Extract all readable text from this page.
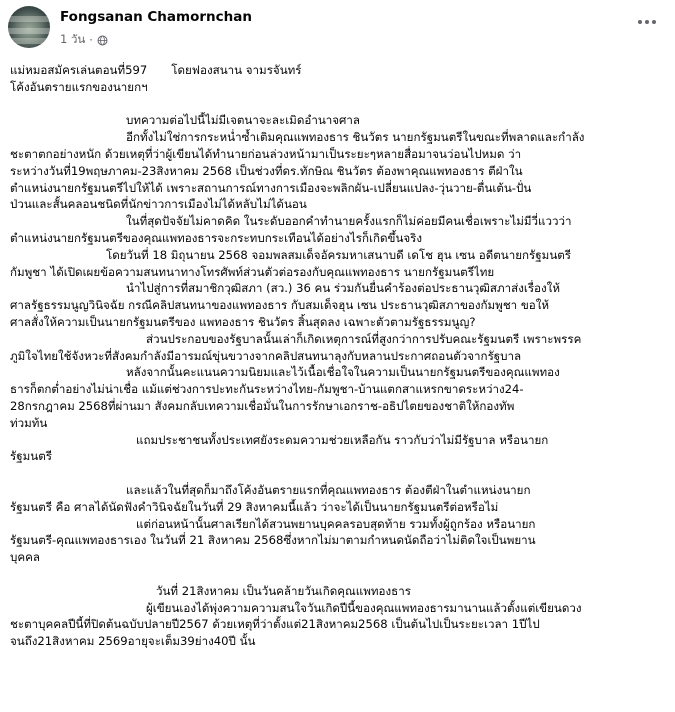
Fongsanan Chamornchan
1 วัน ·
แม่หมอสมัครเล่นตอนที่597 โดยฟองสนาน จามรจันทร์
โค้งอันตรายแรกของนายกฯ
บทความต่อไปนี้ไม่มีเจตนาจะละเมิดอำนาจศาล
อีกทั้งไม่ใช่การกระหน่ำซ้ำเติมคุณแพทองธาร ชินวัตร นายกรัฐมนตรีในขณะที่พลาดและกำลัง
ชะตาตกอย่างหนัก ด้วยเหตุที่ว่าผู้เขียนได้ทำนายก่อนล่วงหน้ามาเป็นระยะๆหลายสื่อมาจนว่อนไปหมด ว่า
ระหว่างวันที่19พฤษภาคม-23สิงหาคม 2568 เป็นช่วงที่ดร.ทักษิณ ชินวัตร ต้องพาคุณแพทองธาร ตีฝ่าใน
ตำแหน่งนายกรัฐมนตรีไปให้ได้ เพราะสถานการณ์ทางการเมืองจะพลิกผัน-เปลี่ยนแปลง-วุ่นวาย-ตื่นเต้น-ปั่น
ป่วนและสั้นคลอนชนิดที่นักข่าวการเมืองไม่ได้หลับไม่ได้นอน
ในที่สุดปัจจัยไม่คาดคิด ในระดับออกคำทำนายครั้งแรกก็ไม่ค่อยมีคนเชื่อเพราะไม่มีวี่แววว่า
ตำแหน่งนายกรัฐมนตรีของคุณแพทองธารจะกระทบกระเทือนได้อย่างไรก็เกิดขึ้นจริง
โดยวันที่ 18 มิถุนายน 2568 จอมพลสมเด็จอัครมหาเสนาบดี เดโช ฮุน เซน อดีตนายกรัฐมนตรี
กัมพูชา ได้เปิดเผยข้อความสนทนาทางโทรศัพท์ส่วนตัวต่อรองกับคุณแพทองธาร นายกรัฐมนตรีไทย
นำไปสู่การที่สมาชิกวุฒิสภา (สว.) 36 คน ร่วมกันยื่นคำร้องต่อประธานวุฒิสภาส่งเรื่องให้
ศาลรัฐธรรมนูญวินิจฉัย กรณีคลิปสนทนาของแพทองธาร กับสมเด็จฮุน เซน ประธานวุฒิสภาของกัมพูชา ขอให้
ศาลสั่งให้ความเป็นนายกรัฐมนตรีของ แพทองธาร ชินวัตร สิ้นสุดลง เฉพาะตัวตามรัฐธรรมนูญ?
ส่วนประกอบของรัฐบาลนั้นเล่าก็เกิดเหตุการณ์ที่สูงกว่าการปรับคณะรัฐมนตรี เพราะพรรค
ภูมิใจไทยใช้จังหวะที่สังคมกำลังมีอารมณ์ขุ่นขวางจากคลิปสนทนาลุงกับหลานประกาศถอนตัวจากรัฐบาล
หลังจากนั้นคะแนนความนิยมและไว้เนื้อเชื่อใจในความเป็นนายกรัฐมนตรีของคุณแพทอง
ธารก็ตกต่ำอย่างไม่น่าเชื่อ แม้แต่ช่วงการปะทะกันระหว่างไทย-กัมพูชา-บ้านแตกสาแหรกขาดระหว่าง24-
28กรกฎาคม 2568ที่ผ่านมา สังคมกลับเทความเชื่อมั่นในการรักษาเอกราช-อธิปไตยของชาติให้กองทัพ
ท่วมท้น
แถมประชาชนทั้งประเทศยังระดมความช่วยเหลือกัน ราวกับว่าไม่มีรัฐบาล หรือนายก
รัฐมนตรี
และแล้วในที่สุดก็มาถึงโค้งอันตรายแรกที่คุณแพทองธาร ต้องตีฝ่าในตำแหน่งนายก
รัฐมนตรี คือ ศาลได้นัดฟังคำวินิจฉัยในวันที่ 29 สิงหาคมนี้แล้ว ว่าจะได้เป็นนายกรัฐมนตรีต่อหรือไม่
แต่ก่อนหน้านั้นศาลเรียกได้สวนพยานบุคคลรอบสุดท้าย รวมทั้งผู้ถูกร้อง หรือนายก
รัฐมนตรี-คุณแพทองธารเอง ในวันที่ 21 สิงหาคม 2568ซึ่งหากไม่มาตามกำหนดนัดถือว่าไม่ติดใจเป็นพยาน
บุคคล
วันที่ 21สิงหาคม เป็นวันคล้ายวันเกิดคุณแพทองธาร
ผู้เขียนเองได้พุ่งความความสนใจวันเกิดปีนี้ของคุณแพทองธารมานานแล้วตั้งแต่เขียนดวง
ชะตาบุคคลปีนี้ที่ปิดต้นฉบับปลายปี2567 ด้วยเหตุที่ว่าตั้งแต่21สิงหาคม2568 เป็นต้นไปเป็นระยะเวลา 1ปีไป
จนถึง21สิงหาคม 2569อายุจะเต็ม39ย่าง40ปี นั้น
